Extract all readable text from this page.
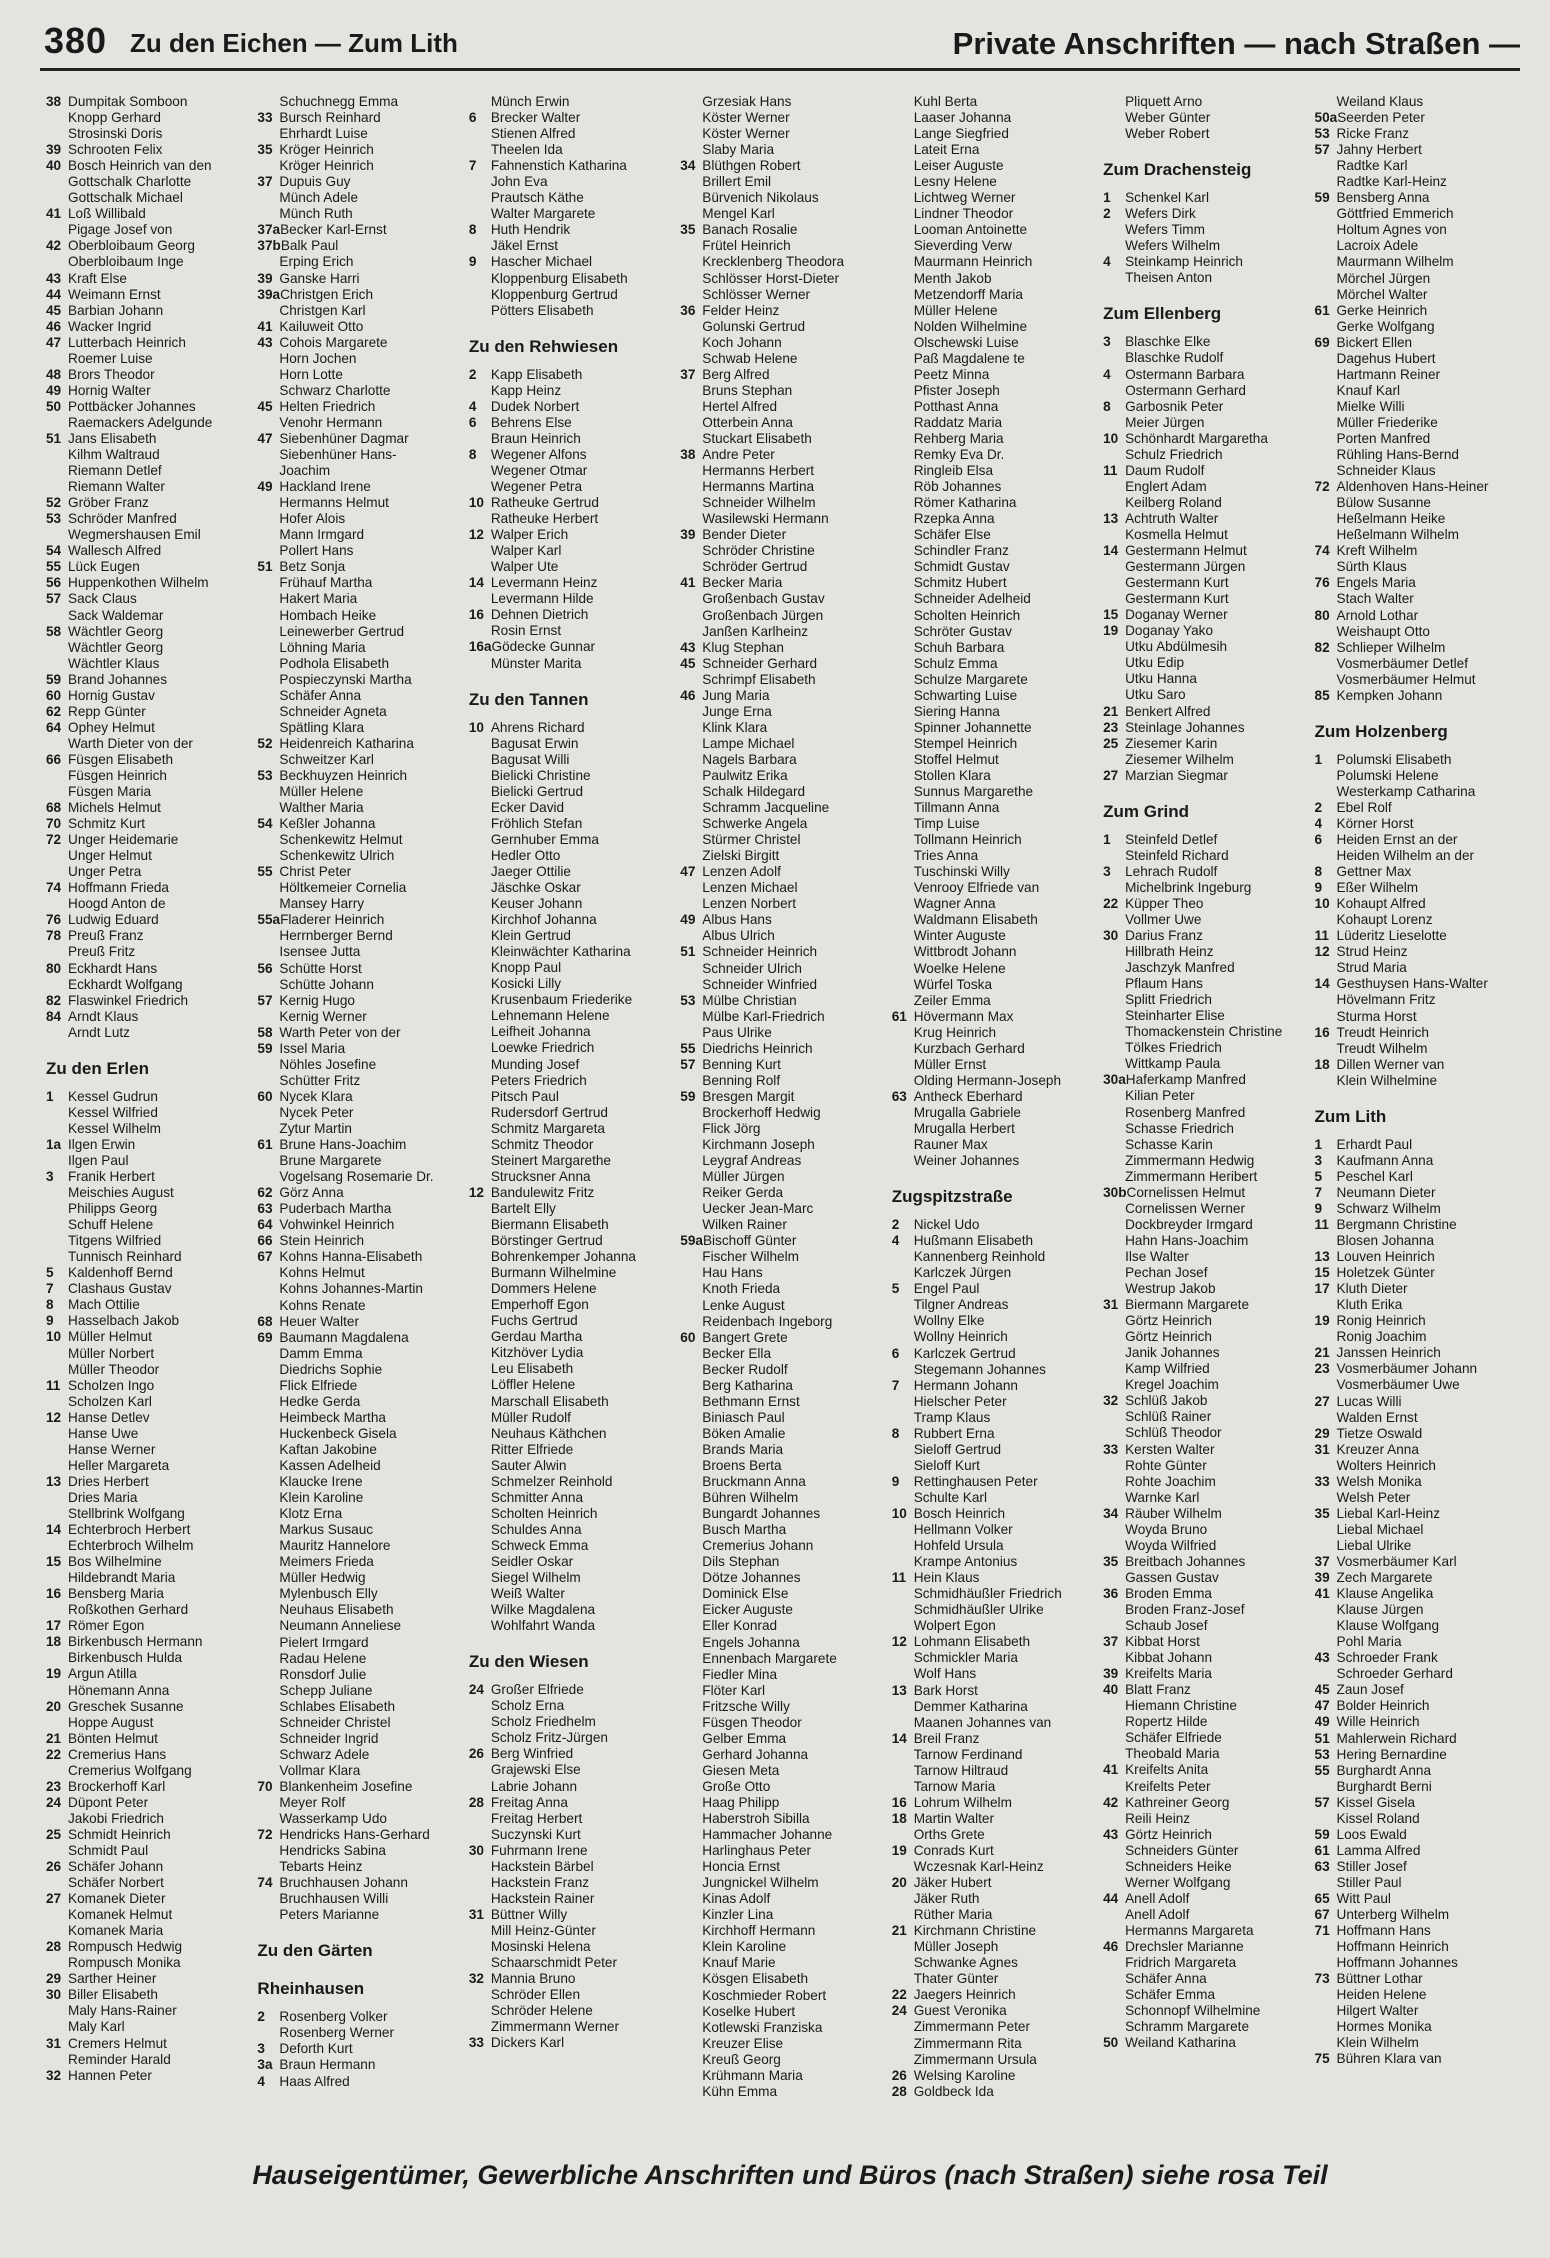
380 Zu den Eichen — Zum Lith	Private Anschriften — nach Straßen —
38 Dumpitak Somboon
Knopp Gerhard
Strosinski Doris
39 Schrooten Felix
40 Bosch Heinrich van den
Gottschalk Charlotte
Gottschalk Michael
41 Loß Willibald
Pigage Josef von
42 Oberbloibaum Georg
Oberbloibaum Inge
43 Kraft Else
44 Weimann Ernst
45 Barbian Johann
46 Wacker Ingrid
47 Lutterbach Heinrich
Roemer Luise
48 Brors Theodor
49 Hornig Walter
50 Pottbäcker Johannes
Raemackers Adelgunde
51 Jans Elisabeth
Kilhm Waltraud
Riemann Detlef
Riemann Walter
52 Gröber Franz
53 Schröder Manfred
Wegmershausen Emil
54 Wallesch Alfred
55 Lück Eugen
56 Huppenkothen Wilhelm
57 Sack Claus
Sack Waldemar
58 Wächtler Georg
Wächtler Georg
Wächtler Klaus
59 Brand Johannes
60 Hornig Gustav
62 Repp Günter
64 Ophey Helmut
Warth Dieter von der
66 Füsgen Elisabeth
Füsgen Heinrich
Füsgen Maria
68 Michels Helmut
70 Schmitz Kurt
72 Unger Heidemarie
Unger Helmut
Unger Petra
74 Hoffmann Frieda
Hoogd Anton de
76 Ludwig Eduard
78 Preuß Franz
Preuß Fritz
80 Eckhardt Hans
Eckhardt Wolfgang
82 Flaswinkel Friedrich
84 Arndt Klaus
Arndt Lutz
Zu den Erlen
1 Kessel Gudrun
Kessel Wilfried
Kessel Wilhelm
1a Ilgen Erwin
Ilgen Paul
3 Franik Herbert
Meischies August
Philipps Georg
Schuff Helene
Titgens Wilfried
Tunnisch Reinhard
5 Kaldenhoff Bernd
7 Clashaus Gustav
8 Mach Ottilie
9 Hasselbach Jakob
10 Müller Helmut
Müller Norbert
Müller Theodor
11 Scholzen Ingo
Scholzen Karl
12 Hanse Detlev
Hanse Uwe
Hanse Werner
Heller Margareta
13 Dries Herbert
Dries Maria
Stellbrink Wolfgang
14 Echterbroch Herbert
Echterbroch Wilhelm
15 Bos Wilhelmine
Hildebrandt Maria
16 Bensberg Maria
Roßkothen Gerhard
17 Römer Egon
18 Birkenbusch Hermann
Birkenbusch Hulda
19 Argun Atilla
Hönemann Anna
20 Greschek Susanne
Hoppe August
21 Bönten Helmut
22 Cremerius Hans
Cremerius Wolfgang
23 Brockerhoff Karl
24 Düpont Peter
Jakobi Friedrich
25 Schmidt Heinrich
Schmidt Paul
26 Schäfer Johann
Schäfer Norbert
27 Komanek Dieter
Komanek Helmut
Komanek Maria
28 Rompusch Hedwig
Rompusch Monika
29 Sarther Heiner
30 Biller Elisabeth
Maly Hans-Rainer
Maly Karl
31 Cremers Helmut
Reminder Harald
32 Hannen Peter
Schuchnegg Emma
33 Bursch Reinhard
Ehrhardt Luise
35 Kröger Heinrich
Kröger Heinrich
37 Dupuis Guy
Münch Adele
Münch Ruth
37aBecker Karl-Ernst
37bBalk Paul
Erping Erich
39 Ganske Harri
39aChristgen Erich
Christgen Karl
41 Kailuweit Otto
43 Cohois Margarete
Horn Jochen
Horn Lotte
Schwarz Charlotte
45 Helten Friedrich
Venohr Hermann
47 Siebenhüner Dagmar
Siebenhüner Hans-
Joachim
49 Hackland Irene
Hermanns Helmut
Hofer Alois
Mann Irmgard
Pollert Hans
51 Betz Sonja
Frühauf Martha
Hakert Maria
Hombach Heike
Leinewerber Gertrud
Löhning Maria
Podhola Elisabeth
Pospieczynski Martha
Schäfer Anna
Schneider Agneta
Spätling Klara
52 Heidenreich Katharina
Schweitzer Karl
53 Beckhuyzen Heinrich
Müller Helene
Walther Maria
54 Keßler Johanna
Schenkewitz Helmut
Schenkewitz Ulrich
55 Christ Peter
Höltkemeier Cornelia
Mansey Harry
55aFladerer Heinrich
Herrnberger Bernd
Isensee Jutta
56 Schütte Horst
Schütte Johann
57 Kernig Hugo
Kernig Werner
58 Warth Peter von der
59 Issel Maria
Nöhles Josefine
Schütter Fritz
60 Nycek Klara
Nycek Peter
Zytur Martin
61 Brune Hans-Joachim
Brune Margarete
Vogelsang Rosemarie Dr.
62 Görz Anna
63 Puderbach Martha
64 Vohwinkel Heinrich
66 Stein Heinrich
67 Kohns Hanna-Elisabeth
Kohns Helmut
Kohns Johannes-Martin
Kohns Renate
68 Heuer Walter
69 Baumann Magdalena
Damm Emma
Diedrichs Sophie
Flick Elfriede
Hedke Gerda
Heimbeck Martha
Huckenbeck Gisela
Kaftan Jakobine
Kassen Adelheid
Klaucke Irene
Klein Karoline
Klotz Erna
Markus Susauc
Mauritz Hannelore
Meimers Frieda
Müller Hedwig
Mylenbusch Elly
Neuhaus Elisabeth
Neumann Anneliese
Pielert Irmgard
Radau Helene
Ronsdorf Julie
Schepp Juliane
Schlabes Elisabeth
Schneider Christel
Schneider Ingrid
Schwarz Adele
Vollmar Klara
70 Blankenheim Josefine
Meyer Rolf
Wasserkamp Udo
72 Hendricks Hans-Gerhard
Hendricks Sabina
Tebarts Heinz
74 Bruchhausen Johann
Bruchhausen Willi
Peters Marianne
Zu den Gärten
Rheinhausen
2 Rosenberg Volker
Rosenberg Werner
3 Deforth Kurt
3a Braun Hermann
4 Haas Alfred
Münch Erwin
6 Brecker Walter
Stienen Alfred
Theelen Ida
7 Fahnenstich Katharina
John Eva
Prautsch Käthe
Walter Margarete
8 Huth Hendrik
Jäkel Ernst
9 Hascher Michael
Kloppenburg Elisabeth
Kloppenburg Gertrud
Pötters Elisabeth
Zu den Rehwiesen
2 Kapp Elisabeth
Kapp Heinz
4 Dudek Norbert
6 Behrens Else
Braun Heinrich
8 Wegener Alfons
Wegener Otmar
Wegener Petra
10 Ratheuke Gertrud
Ratheuke Herbert
12 Walper Erich
Walper Karl
Walper Ute
14 Levermann Heinz
Levermann Hilde
16 Dehnen Dietrich
Rosin Ernst
16aGödecke Gunnar
Münster Marita
Zu den Tannen
10 Ahrens Richard
Bagusat Erwin
Bagusat Willi
Bielicki Christine
Bielicki Gertrud
Ecker David
Fröhlich Stefan
Gernhuber Emma
Hedler Otto
Jaeger Ottilie
Jäschke Oskar
Keuser Johann
Kirchhof Johanna
Klein Gertrud
Kleinwächter Katharina
Knopp Paul
Kosicki Lilly
Krusenbaum Friederike
Lehnemann Helene
Leifheit Johanna
Loewke Friedrich
Munding Josef
Peters Friedrich
Pitsch Paul
Rudersdorf Gertrud
Schmitz Margareta
Schmitz Theodor
Steinert Margarethe
Strucksner Anna
12 Bandulewitz Fritz
Bartelt Elly
Biermann Elisabeth
Börstinger Gertrud
Bohrenkemper Johanna
Burmann Wilhelmine
Dommers Helene
Emperhoff Egon
Fuchs Gertrud
Gerdau Martha
Kitzhöver Lydia
Leu Elisabeth
Löffler Helene
Marschall Elisabeth
Müller Rudolf
Neuhaus Käthchen
Ritter Elfriede
Sauter Alwin
Schmelzer Reinhold
Schmitter Anna
Scholten Heinrich
Schuldes Anna
Schweck Emma
Seidler Oskar
Siegel Wilhelm
Weiß Walter
Wilke Magdalena
Wohlfahrt Wanda
Zu den Wiesen
24 Großer Elfriede
Scholz Erna
Scholz Friedhelm
Scholz Fritz-Jürgen
26 Berg Winfried
Grajewski Else
Labrie Johann
28 Freitag Anna
Freitag Herbert
Suczynski Kurt
30 Fuhrmann Irene
Hackstein Bärbel
Hackstein Franz
Hackstein Rainer
31 Büttner Willy
Mill Heinz-Günter
Mosinski Helena
Schaarschmidt Peter
32 Mannia Bruno
Schröder Ellen
Schröder Helene
Zimmermann Werner
33 Dickers Karl
Grzesiak Hans
Köster Werner
Köster Werner
Slaby Maria
34 Blüthgen Robert
Brillert Emil
Bürvenich Nikolaus
Mengel Karl
35 Banach Rosalie
Frütel Heinrich
Krecklenberg Theodora
Schlösser Horst-Dieter
Schlösser Werner
36 Felder Heinz
Golunski Gertrud
Koch Johann
Schwab Helene
37 Berg Alfred
Bruns Stephan
Hertel Alfred
Otterbein Anna
Stuckart Elisabeth
38 Andre Peter
Hermanns Herbert
Hermanns Martina
Schneider Wilhelm
Wasilewski Hermann
39 Bender Dieter
Schröder Christine
Schröder Gertrud
41 Becker Maria
Großenbach Gustav
Großenbach Jürgen
Janßen Karlheinz
43 Klug Stephan
45 Schneider Gerhard
Schrimpf Elisabeth
46 Jung Maria
Junge Erna
Klink Klara
Lampe Michael
Nagels Barbara
Paulwitz Erika
Schalk Hildegard
Schramm Jacqueline
Schwerke Angela
Stürmer Christel
Zielski Birgitt
47 Lenzen Adolf
Lenzen Michael
Lenzen Norbert
49 Albus Hans
Albus Ulrich
51 Schneider Heinrich
Schneider Ulrich
Schneider Winfried
53 Mülbe Christian
Mülbe Karl-Friedrich
Paus Ulrike
55 Diedrichs Heinrich
57 Benning Kurt
Benning Rolf
59 Bresgen Margit
Brockerhoff Hedwig
Flick Jörg
Kirchmann Joseph
Leygraf Andreas
Müller Jürgen
Reiker Gerda
Uecker Jean-Marc
Wilken Rainer
59aBischoff Günter
Fischer Wilhelm
Hau Hans
Knoth Frieda
Lenke August
Reidenbach Ingeborg
60 Bangert Grete
Becker Ella
Becker Rudolf
Berg Katharina
Bethmann Ernst
Biniasch Paul
Böken Amalie
Brands Maria
Broens Berta
Bruckmann Anna
Bühren Wilhelm
Bungardt Johannes
Busch Martha
Cremerius Johann
Dils Stephan
Dötze Johannes
Dominick Else
Eicker Auguste
Eller Konrad
Engels Johanna
Ennenbach Margarete
Fiedler Mina
Flöter Karl
Fritzsche Willy
Füsgen Theodor
Gelber Emma
Gerhard Johanna
Giesen Meta
Große Otto
Haag Philipp
Haberstroh Sibilla
Hammacher Johanne
Harlinghaus Peter
Honcia Ernst
Jungnickel Wilhelm
Kinas Adolf
Kinzler Lina
Kirchhoff Hermann
Klein Karoline
Knauf Marie
Kösgen Elisabeth
Koschmieder Robert
Koselke Hubert
Kotlewski Franziska
Kreuzer Elise
Kreuß Georg
Krühmann Maria
Kühn Emma
Kuhl Berta
Laaser Johanna
Lange Siegfried
Lateit Erna
Leiser Auguste
Lesny Helene
Lichtweg Werner
Lindner Theodor
Looman Antoinette
Sieverding Verw
Maurmann Heinrich
Menth Jakob
Metzendorff Maria
Müller Helene
Nolden Wilhelmine
Olschewski Luise
Paß Magdalene te
Peetz Minna
Pfister Joseph
Potthast Anna
Raddatz Maria
Rehberg Maria
Remky Eva Dr.
Ringleib Elsa
Röb Johannes
Römer Katharina
Rzepka Anna
Schäfer Else
Schindler Franz
Schmidt Gustav
Schmitz Hubert
Schneider Adelheid
Scholten Heinrich
Schröter Gustav
Schuh Barbara
Schulz Emma
Schulze Margarete
Schwarting Luise
Siering Hanna
Spinner Johannette
Stempel Heinrich
Stoffel Helmut
Stollen Klara
Sunnus Margarethe
Tillmann Anna
Timp Luise
Tollmann Heinrich
Tries Anna
Tuschinski Willy
Venrooy Elfriede van
Wagner Anna
Waldmann Elisabeth
Winter Auguste
Wittbrodt Johann
Woelke Helene
Würfel Toska
Zeiler Emma
61 Hövermann Max
Krug Heinrich
Kurzbach Gerhard
Müller Ernst
Olding Hermann-Joseph
63 Antheck Eberhard
Mrugalla Gabriele
Mrugalla Herbert
Rauner Max
Weiner Johannes
Zugspitzstraße
2 Nickel Udo
4 Hußmann Elisabeth
Kannenberg Reinhold
Karlczek Jürgen
5 Engel Paul
Tilgner Andreas
Wollny Elke
Wollny Heinrich
6 Karlczek Gertrud
Stegemann Johannes
7 Hermann Johann
Hielscher Peter
Tramp Klaus
8 Rubbert Erna
Sieloff Gertrud
Sieloff Kurt
9 Rettinghausen Peter
Schulte Karl
10 Bosch Heinrich
Hellmann Volker
Hohfeld Ursula
Krampe Antonius
11 Hein Klaus
Schmidhäußler Friedrich
Schmidhäußler Ulrike
Wolpert Egon
12 Lohmann Elisabeth
Schmickler Maria
Wolf Hans
13 Bark Horst
Demmer Katharina
Maanen Johannes van
14 Breil Franz
Tarnow Ferdinand
Tarnow Hiltraud
Tarnow Maria
16 Lohrum Wilhelm
18 Martin Walter
Orths Grete
19 Conrads Kurt
Wczesnak Karl-Heinz
20 Jäker Hubert
Jäker Ruth
Rüther Maria
21 Kirchmann Christine
Müller Joseph
Schwanke Agnes
Thater Günter
22 Jaegers Heinrich
24 Guest Veronika
Zimmermann Peter
Zimmermann Rita
Zimmermann Ursula
26 Welsing Karoline
28 Goldbeck Ida
Pliquett Arno
Weber Günter
Weber Robert
Zum Drachensteig
1 Schenkel Karl
2 Wefers Dirk
Wefers Timm
Wefers Wilhelm
4 Steinkamp Heinrich
Theisen Anton
Zum Ellenberg
3 Blaschke Elke
Blaschke Rudolf
4 Ostermann Barbara
Ostermann Gerhard
8 Garbosnik Peter
Meier Jürgen
10 Schönhardt Margaretha
Schulz Friedrich
11 Daum Rudolf
Englert Adam
Keilberg Roland
13 Achtruth Walter
Kosmella Helmut
14 Gestermann Helmut
Gestermann Jürgen
Gestermann Kurt
Gestermann Kurt
15 Doganay Werner
19 Doganay Yako
Utku Abdülmesih
Utku Edip
Utku Hanna
Utku Saro
21 Benkert Alfred
23 Steinlage Johannes
25 Ziesemer Karin
Ziesemer Wilhelm
27 Marzian Siegmar
Zum Grind
1 Steinfeld Detlef
Steinfeld Richard
3 Lehrach Rudolf
Michelbrink Ingeburg
22 Küpper Theo
Vollmer Uwe
30 Darius Franz
Hillbrath Heinz
Jaschzyk Manfred
Pflaum Hans
Splitt Friedrich
Steinharter Elise
Thomackenstein Christine
Tölkes Friedrich
Wittkamp Paula
30aHaferkamp Manfred
Kilian Peter
Rosenberg Manfred
Schasse Friedrich
Schasse Karin
Zimmermann Hedwig
Zimmermann Heribert
30bCornelissen Helmut
Cornelissen Werner
Dockbreyder Irmgard
Hahn Hans-Joachim
Ilse Walter
Pechan Josef
Westrup Jakob
31 Biermann Margarete
Görtz Heinrich
Görtz Heinrich
Janik Johannes
Kamp Wilfried
Kregel Joachim
32 Schlüß Jakob
Schlüß Rainer
Schlüß Theodor
33 Kersten Walter
Rohte Günter
Rohte Joachim
Warnke Karl
34 Räuber Wilhelm
Woyda Bruno
Woyda Wilfried
35 Breitbach Johannes
Gassen Gustav
36 Broden Emma
Broden Franz-Josef
Schaub Josef
37 Kibbat Horst
Kibbat Johann
39 Kreifelts Maria
40 Blatt Franz
Hiemann Christine
Ropertz Hilde
Schäfer Elfriede
Theobald Maria
41 Kreifelts Anita
Kreifelts Peter
42 Kathreiner Georg
Reili Heinz
43 Görtz Heinrich
Schneiders Günter
Schneiders Heike
Werner Wolfgang
44 Anell Adolf
Anell Adolf
Hermanns Margareta
46 Drechsler Marianne
Fridrich Margareta
Schäfer Anna
Schäfer Emma
Schonnopf Wilhelmine
Schramm Margarete
50 Weiland Katharina
Weiland Klaus
50aSeerden Peter
53 Ricke Franz
57 Jahny Herbert
Radtke Karl
Radtke Karl-Heinz
59 Bensberg Anna
Göttfried Emmerich
Holtum Agnes von
Lacroix Adele
Maurmann Wilhelm
Mörchel Jürgen
Mörchel Walter
61 Gerke Heinrich
Gerke Wolfgang
69 Bickert Ellen
Dagehus Hubert
Hartmann Reiner
Knauf Karl
Mielke Willi
Müller Friederike
Porten Manfred
Rühling Hans-Bernd
Schneider Klaus
72 Aldenhoven Hans-Heiner
Bülow Susanne
Heßelmann Heike
Heßelmann Wilhelm
74 Kreft Wilhelm
Sürth Klaus
76 Engels Maria
Stach Walter
80 Arnold Lothar
Weishaupt Otto
82 Schlieper Wilhelm
Vosmerbäumer Detlef
Vosmerbäumer Helmut
85 Kempken Johann
Zum Holzenberg
1 Polumski Elisabeth
Polumski Helene
Westerkamp Catharina
2 Ebel Rolf
4 Körner Horst
6 Heiden Ernst an der
Heiden Wilhelm an der
8 Gettner Max
9 Eßer Wilhelm
10 Kohaupt Alfred
Kohaupt Lorenz
11 Lüderitz Lieselotte
12 Strud Heinz
Strud Maria
14 Gesthuysen Hans-Walter
Hövelmann Fritz
Sturma Horst
16 Treudt Heinrich
Treudt Wilhelm
18 Dillen Werner van
Klein Wilhelmine
Zum Lith
1 Erhardt Paul
3 Kaufmann Anna
5 Peschel Karl
7 Neumann Dieter
9 Schwarz Wilhelm
11 Bergmann Christine
Blosen Johanna
13 Louven Heinrich
15 Holetzek Günter
17 Kluth Dieter
Kluth Erika
19 Ronig Heinrich
Ronig Joachim
21 Janssen Heinrich
23 Vosmerbäumer Johann
Vosmerbäumer Uwe
27 Lucas Willi
Walden Ernst
29 Tietze Oswald
31 Kreuzer Anna
Wolters Heinrich
33 Welsh Monika
Welsh Peter
35 Liebal Karl-Heinz
Liebal Michael
Liebal Ulrike
37 Vosmerbäumer Karl
39 Zech Margarete
41 Klause Angelika
Klause Jürgen
Klause Wolfgang
Pohl Maria
43 Schroeder Frank
Schroeder Gerhard
45 Zaun Josef
47 Bolder Heinrich
49 Wille Heinrich
51 Mahlerwein Richard
53 Hering Bernardine
55 Burghardt Anna
Burghardt Berni
57 Kissel Gisela
Kissel Roland
59 Loos Ewald
61 Lamma Alfred
63 Stiller Josef
Stiller Paul
65 Witt Paul
67 Unterberg Wilhelm
71 Hoffmann Hans
Hoffmann Heinrich
Hoffmann Johannes
73 Büttner Lothar
Heiden Helene
Hilgert Walter
Hormes Monika
Klein Wilhelm
75 Bühren Klara van
Hauseigentümer, Gewerbliche Anschriften und Büros (nach Straßen) siehe rosa Teil
